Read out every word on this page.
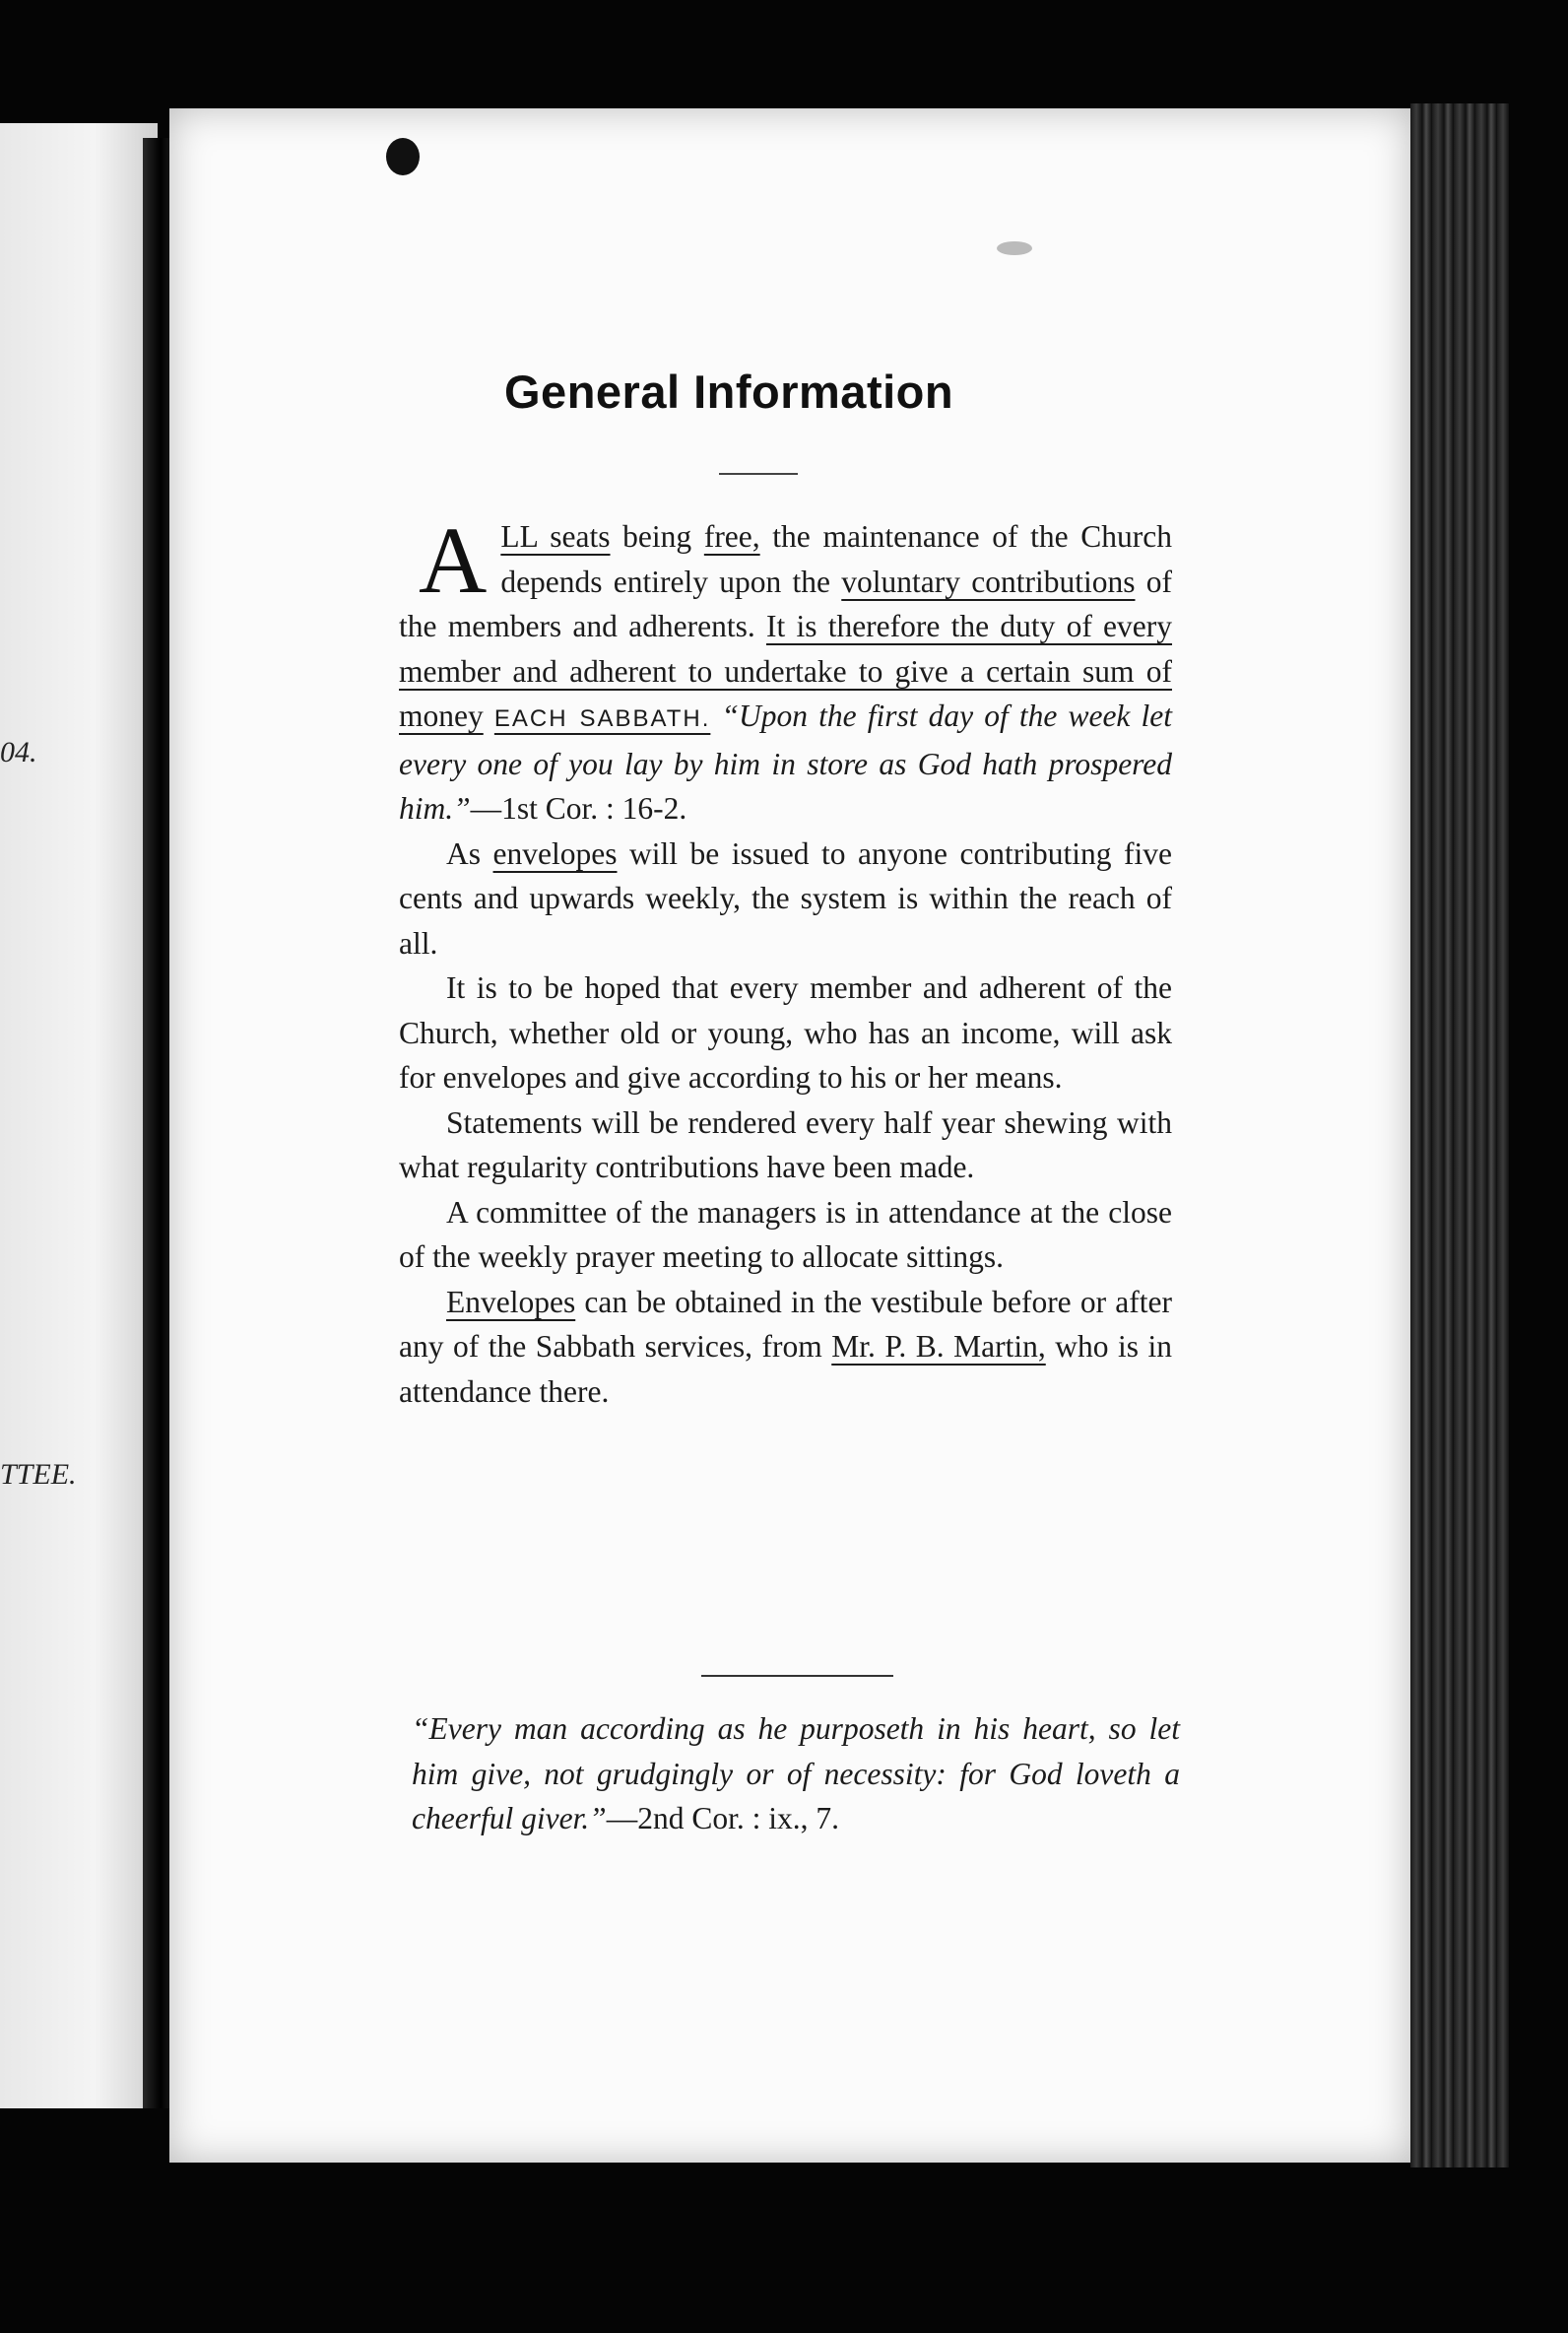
04.
TTEE.
General Information

A LL seats being free, the maintenance of the Church depends entirely upon the voluntary contributions of the members and adherents. It is therefore the duty of every member and adherent to undertake to give a certain sum of money EACH SABBATH. “Upon the first day of the week let every one of you lay by him in store as God hath prospered him.”—1st Cor. : 16-2.

As envelopes will be issued to anyone contributing five cents and upwards weekly, the system is within the reach of all.

It is to be hoped that every member and adherent of the Church, whether old or young, who has an income, will ask for envelopes and give according to his or her means.

Statements will be rendered every half year shewing with what regularity contributions have been made.

A committee of the managers is in attendance at the close of the weekly prayer meeting to allocate sittings.

Envelopes can be obtained in the vestibule before or after any of the Sabbath services, from Mr. P. B. Martin, who is in attendance there.

“Every man according as he purposeth in his heart, so let him give, not grudgingly or of necessity: for God loveth a cheerful giver.”—2nd Cor. : ix., 7.
